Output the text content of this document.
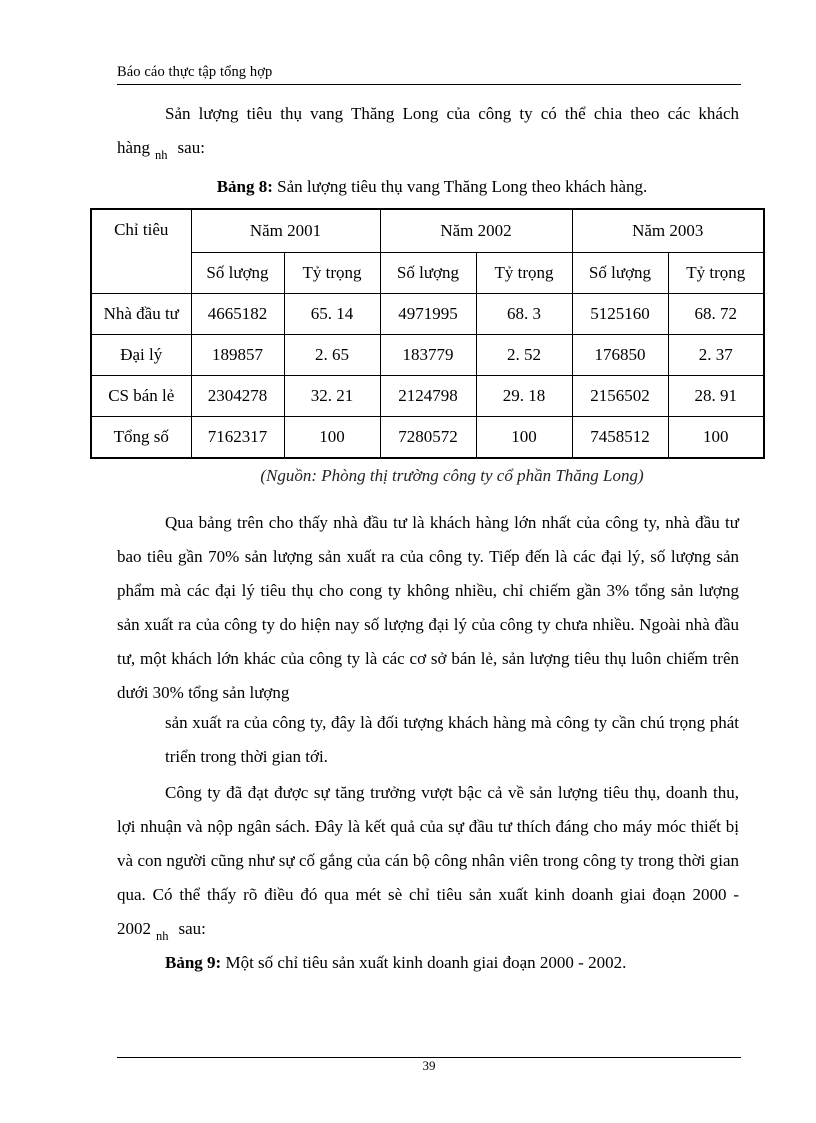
Báo cáo thực tập tổng hợp
Sản lượng tiêu thụ vang Thăng Long của công ty có thể chia theo các khách hàng $_{nh}$ sau:
Bảng 8: Sản lượng tiêu thụ vang Thăng Long theo khách hàng.
Chỉ tiêu	Năm 2001		Năm 2002		Năm 2003	
	Số lượng	Tỷ trọng	Số lượng	Tỷ trọng	Số lượng	Tỷ trọng
Nhà đầu tư	4665182	65. 14	4971995	68. 3	5125160	68. 72
Đại lý	189857	2. 65	183779	2. 52	176850	2. 37
CS bán lẻ	2304278	32. 21	2124798	29. 18	2156502	28. 91
Tổng số	7162317	100	7280572	100	7458512	100
(Nguồn: Phòng thị trường công ty cổ phần Thăng Long)
Qua bảng trên cho thấy nhà đầu tư là khách hàng lớn nhất của công ty, nhà đầu tư bao tiêu gần 70% sản lượng sản xuất ra của công ty. Tiếp đến là các đại lý, số lượng sản phẩm mà các đại lý tiêu thụ cho cong ty không nhiều, chỉ chiếm gần 3% tổng sản lượng sản xuất ra của công ty do hiện nay số lượng đại lý của công ty chưa nhiều. Ngoài nhà đầu tư, một khách lớn khác của công ty là các cơ sở bán lẻ, sản lượng tiêu thụ luôn chiếm trên dưới 30% tổng sản lượng
sản xuất ra của công ty, đây là đối tượng khách hàng mà công ty cần chú trọng phát triển trong thời gian tới.
Công ty đã đạt được sự tăng trưởng vượt bậc cả về sản lượng tiêu thụ, doanh thu, lợi nhuận và nộp ngân sách. Đây là kết quả của sự đầu tư thích đáng cho máy móc thiết bị và con người cũng như sự cố gắng của cán bộ công nhân viên trong công ty trong thời gian qua. Có thể thấy rõ điều đó qua mét sè chỉ tiêu sản xuất kinh doanh giai đoạn 2000 - 2002 $_{nh}$ sau:
Bảng 9: Một số chỉ tiêu sản xuất kinh doanh giai đoạn 2000 - 2002.
39
